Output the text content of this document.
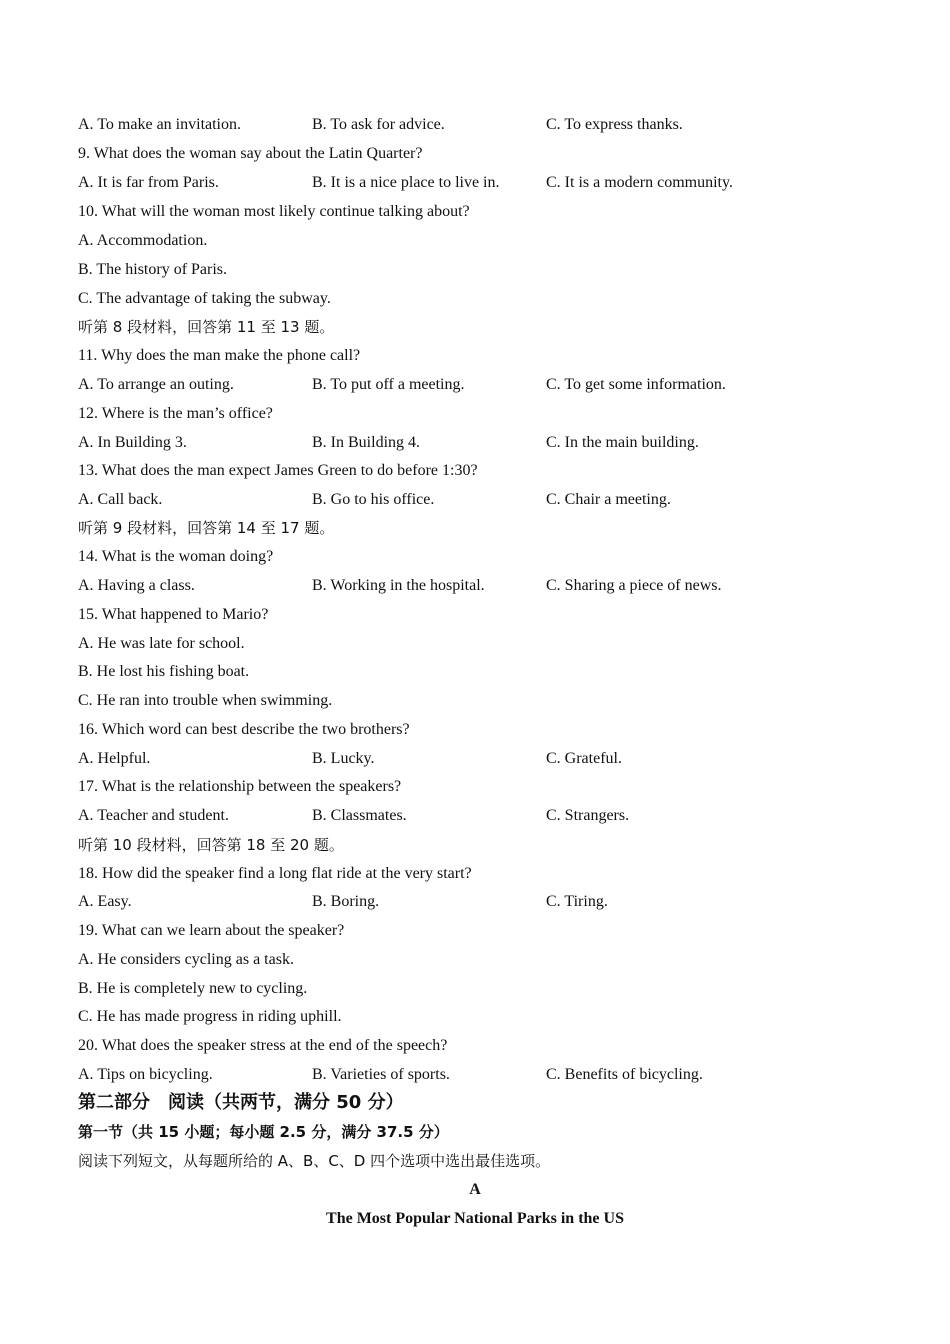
A. To make an invitation.	B. To ask for advice.	C. To express thanks.
9. What does the woman say about the Latin Quarter?
A. It is far from Paris.	B. It is a nice place to live in.	C. It is a modern community.
10. What will the woman most likely continue talking about?
A. Accommodation.
B. The history of Paris.
C. The advantage of taking the subway.
听第 8 段材料，回答第 11 至 13 题。
11. Why does the man make the phone call?
A. To arrange an outing.	B. To put off a meeting.	C. To get some information.
12. Where is the man’s office?
A. In Building 3.	B. In Building 4.	C. In the main building.
13. What does the man expect James Green to do before 1:30?
A. Call back.	B. Go to his office.	C. Chair a meeting.
听第 9 段材料，回答第 14 至 17 题。
14. What is the woman doing?
A. Having a class.	B. Working in the hospital.	C. Sharing a piece of news.
15. What happened to Mario?
A. He was late for school.
B. He lost his fishing boat.
C. He ran into trouble when swimming.
16. Which word can best describe the two brothers?
A. Helpful.	B. Lucky.	C. Grateful.
17. What is the relationship between the speakers?
A. Teacher and student.	B. Classmates.	C. Strangers.
听第 10 段材料，回答第 18 至 20 题。
18. How did the speaker find a long flat ride at the very start?
A. Easy.	B. Boring.	C. Tiring.
19. What can we learn about the speaker?
A. He considers cycling as a task.
B. He is completely new to cycling.
C. He has made progress in riding uphill.
20. What does the speaker stress at the end of the speech?
A. Tips on bicycling.	B. Varieties of sports.	C. Benefits of bicycling.
第二部分　阅读（共两节，满分 50 分）
第一节（共 15 小题；每小题 2.5 分，满分 37.5 分）
阅读下列短文，从每题所给的 A、B、C、D 四个选项中选出最佳选项。
A
The Most Popular National Parks in the US
